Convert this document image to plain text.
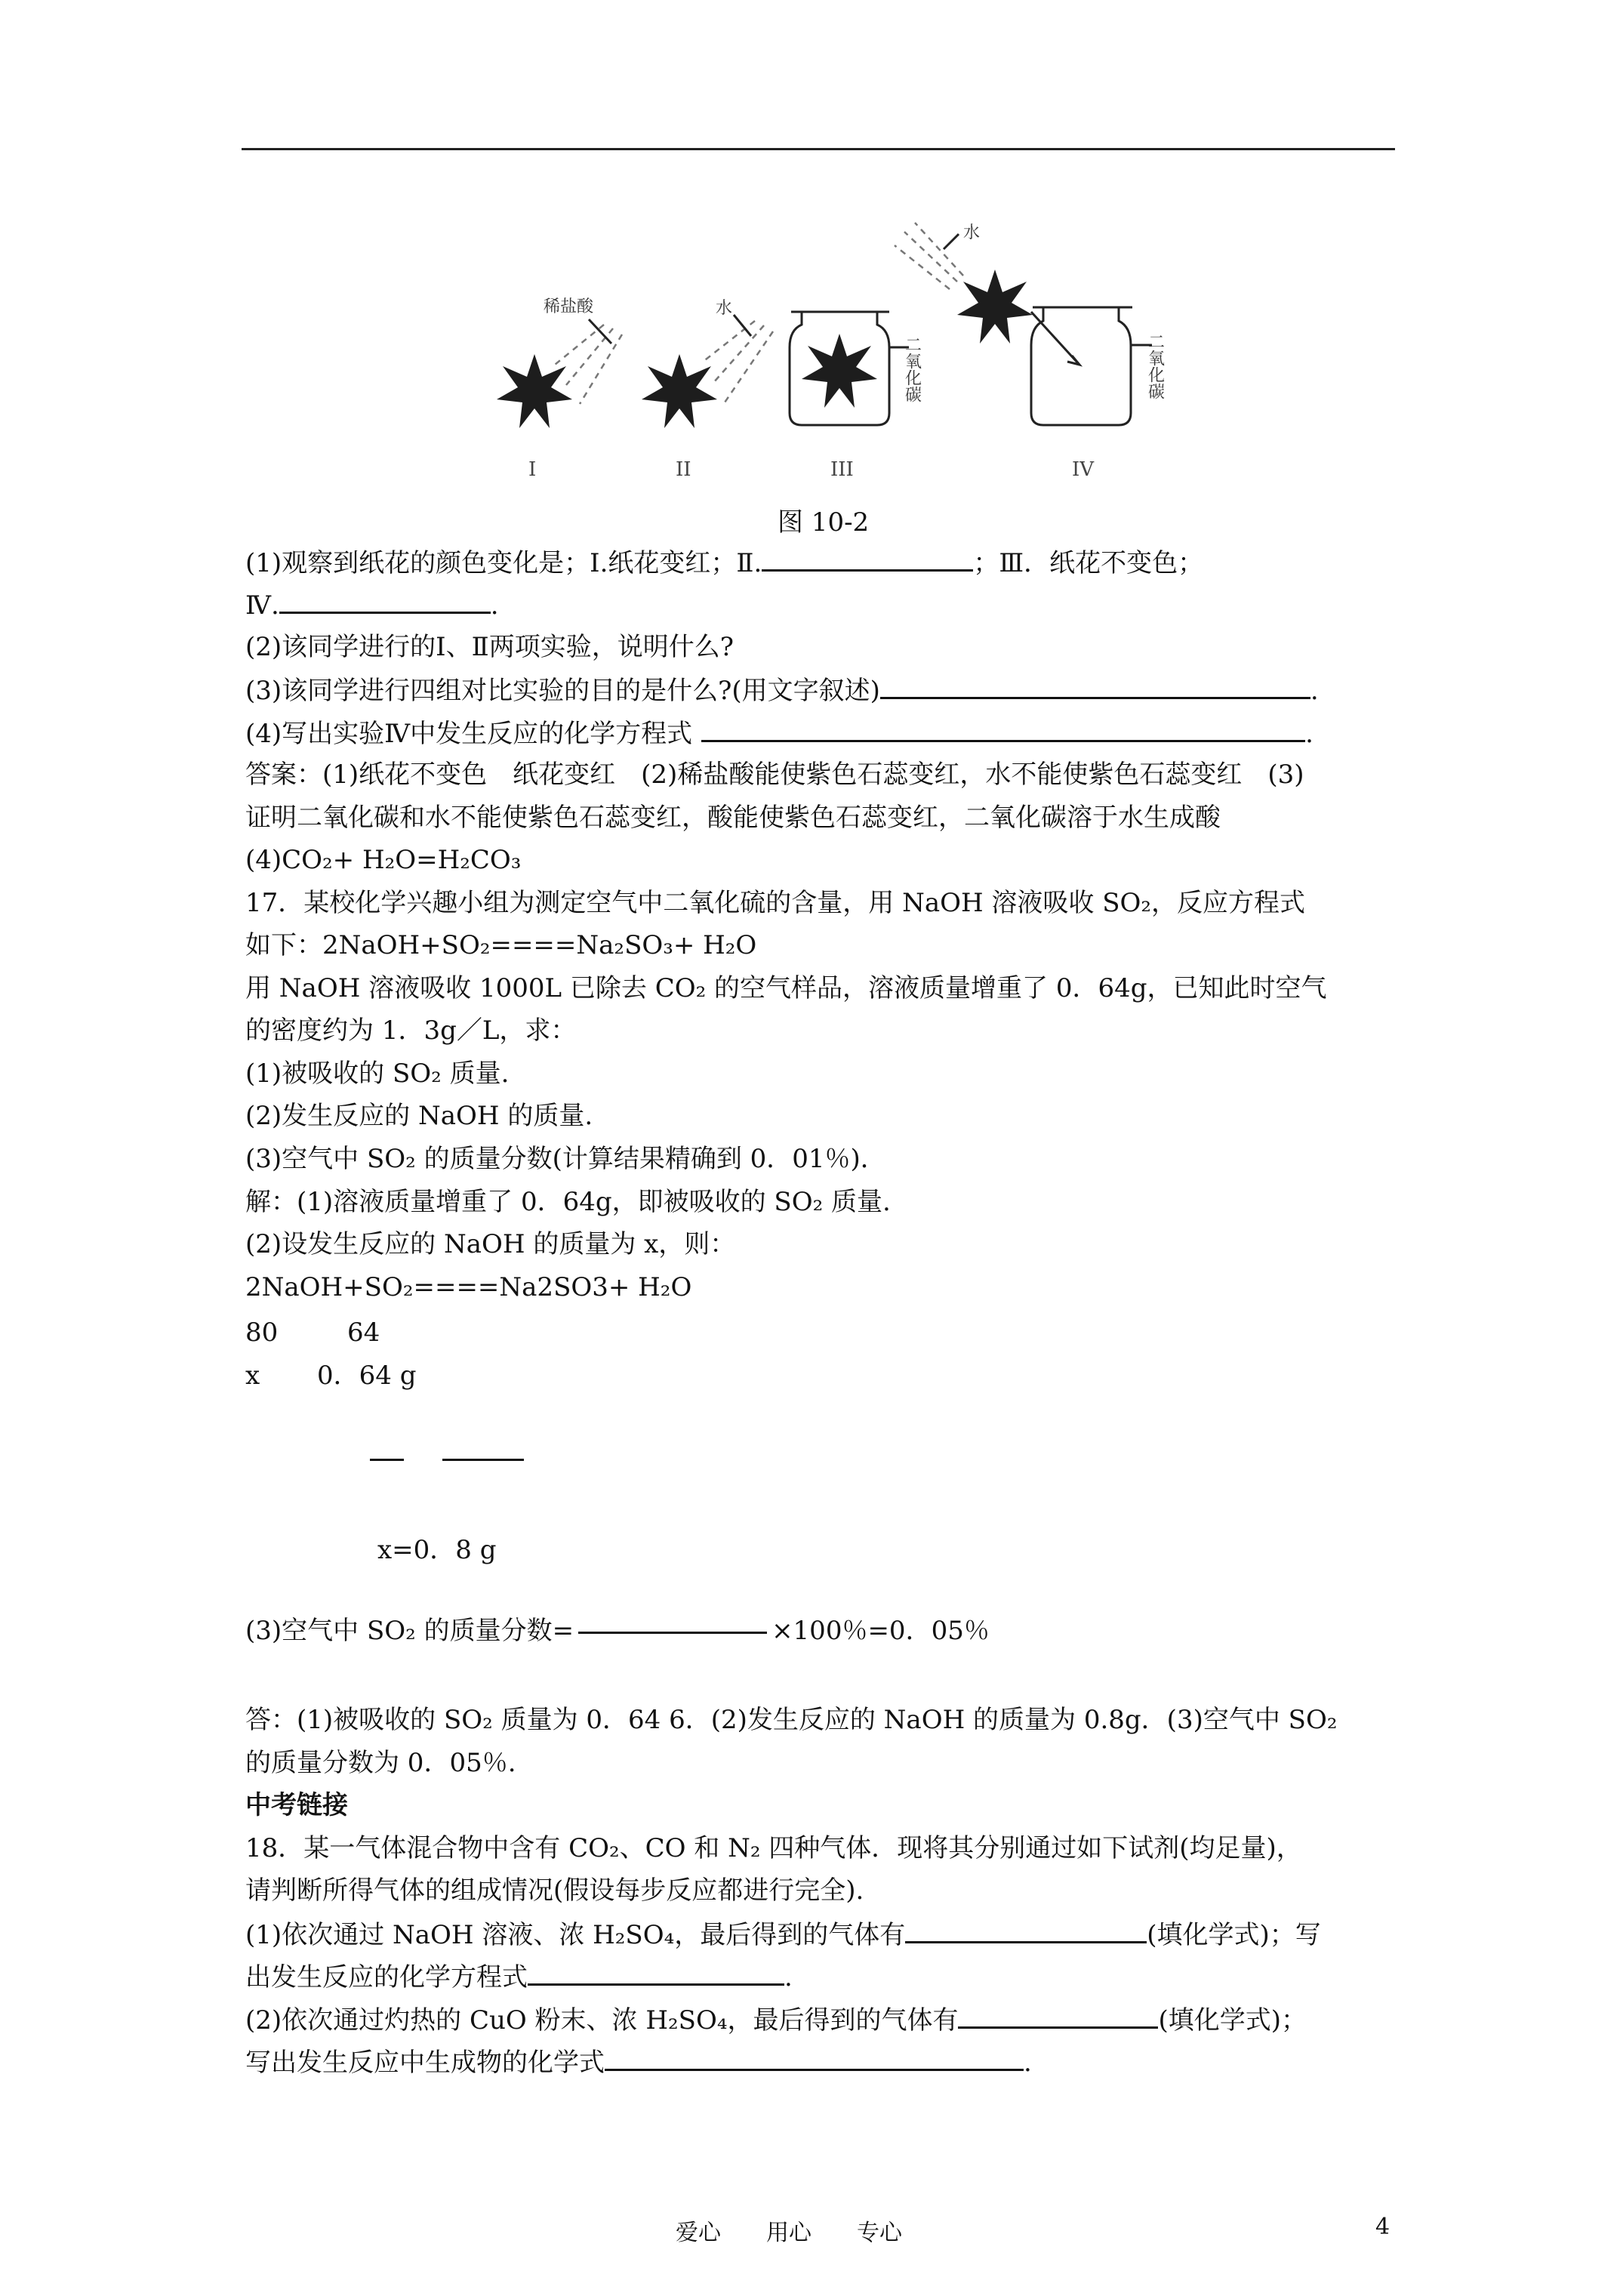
稀盐酸	水
二氧化碳
水
二氧化碳
I	II	III	IV
图 10-2
(1)观察到纸花的颜色变化是；Ⅰ.纸花变红；Ⅱ.	；Ⅲ．纸花不变色；
Ⅳ.	.
(2)该同学进行的Ⅰ、Ⅱ两项实验，说明什么?
(3)该同学进行四组对比实验的目的是什么?(用文字叙述)	.
(4)写出实验Ⅳ中发生反应的化学方程式	.
答案：(1)纸花不变色　纸花变红　(2)稀盐酸能使紫色石蕊变红，水不能使紫色石蕊变红　(3)
证明二氧化碳和水不能使紫色石蕊变红，酸能使紫色石蕊变红，二氧化碳溶于水生成酸
(4)CO₂+ H₂O=H₂CO₃
17．某校化学兴趣小组为测定空气中二氧化硫的含量，用 NaOH 溶液吸收 SO₂，反应方程式
如下：2NaOH+SO₂====Na₂SO₃+ H₂O
用 NaOH 溶液吸收 1000L 已除去 CO₂ 的空气样品，溶液质量增重了 0．64g，已知此时空气
的密度约为 1．3g／L，求：
(1)被吸收的 SO₂ 质量.
(2)发生反应的 NaOH 的质量.
(3)空气中 SO₂ 的质量分数(计算结果精确到 0．01％)．
解：(1)溶液质量增重了 0．64g，即被吸收的 SO₂ 质量.
(2)设发生反应的 NaOH 的质量为 x，则：
2NaOH+SO₂====Na2SO3+ H₂O
80	64
x 0．64 g
x=0．8 g
(3)空气中 SO₂ 的质量分数=	×100％=0．05％
答：(1)被吸收的 SO₂ 质量为 0．64 6．(2)发生反应的 NaOH 的质量为 0.8g．(3)空气中 SO₂
的质量分数为 0．05％.
中考链接
18．某一气体混合物中含有 CO₂、CO 和 N₂ 四种气体．现将其分别通过如下试剂(均足量)，
请判断所得气体的组成情况(假设每步反应都进行完全).
(1)依次通过 NaOH 溶液、浓 H₂SO₄，最后得到的气体有	(填化学式)；写
出发生反应的化学方程式	.
(2)依次通过灼热的 CuO 粉末、浓 H₂SO₄，最后得到的气体有	(填化学式)；
写出发生反应中生成物的化学式	.
爱心　　用心　　专心	4
